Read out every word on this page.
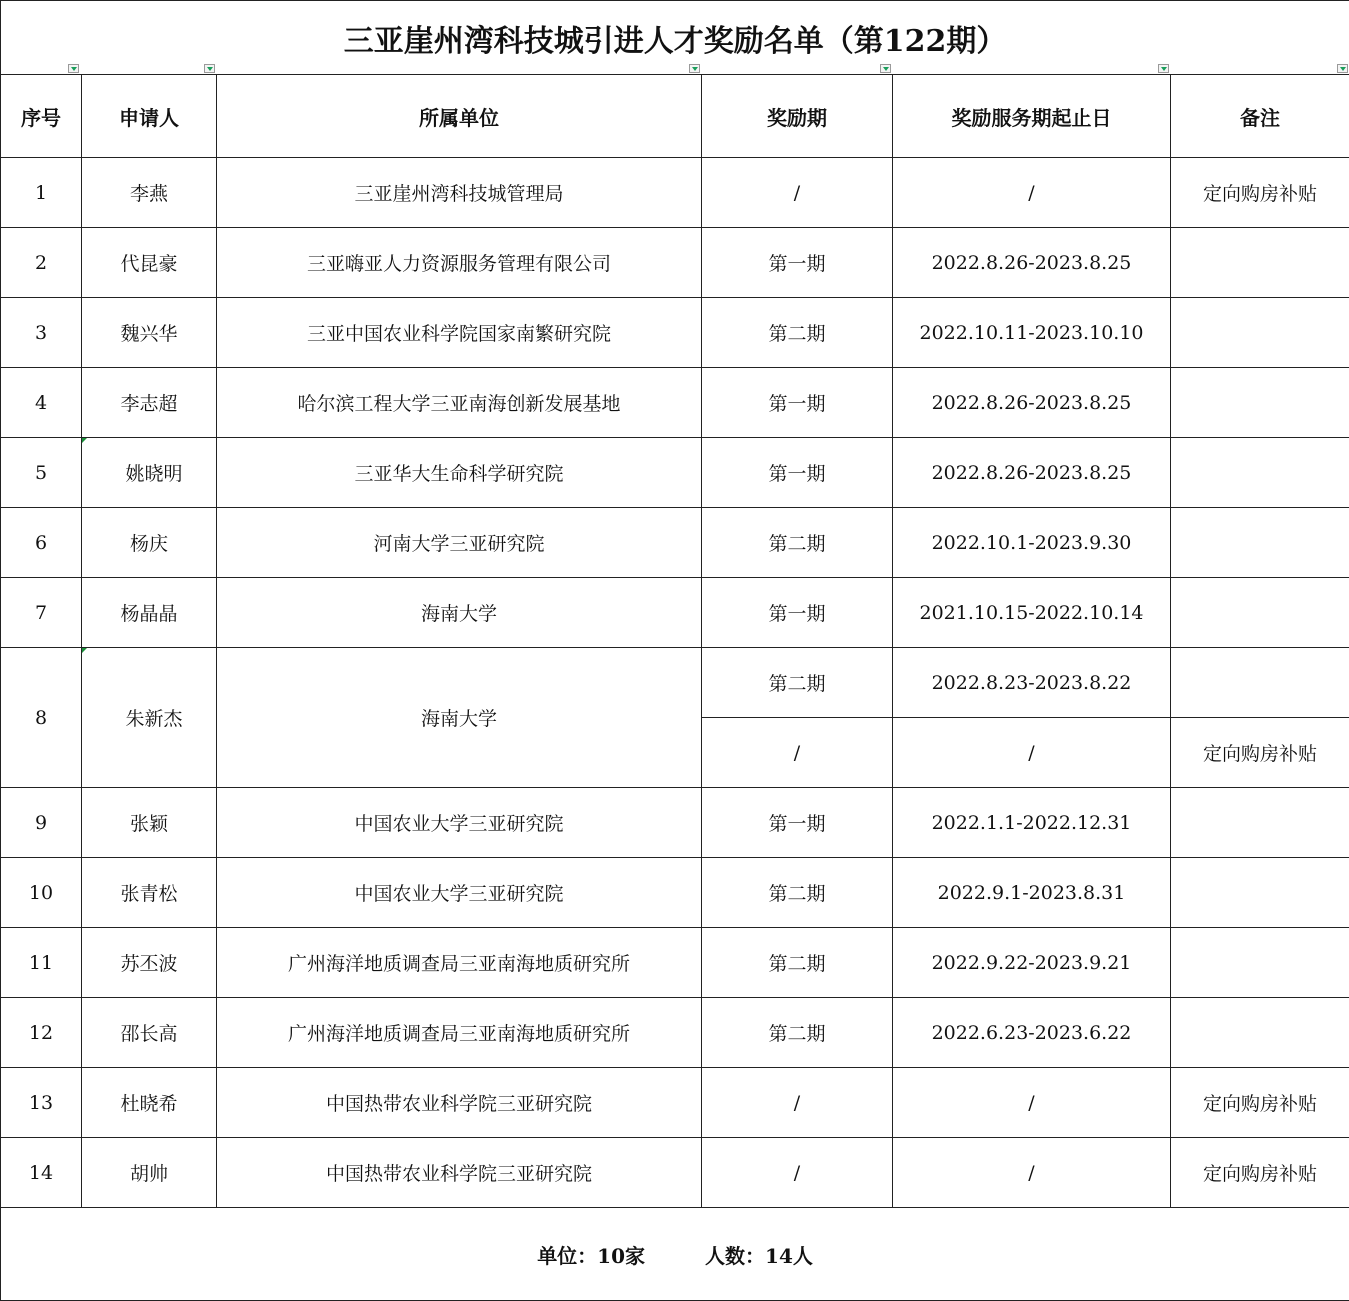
三亚崖州湾科技城引进人才奖励名单（第122期）					

序号	申请人	所属单位	奖励期	奖励服务期起止日	备注
1	李燕	三亚崖州湾科技城管理局	/	/	定向购房补贴
2	代昆豪	三亚嗨亚人力资源服务管理有限公司	第一期	2022.8.26-2023.8.25	
3	魏兴华	三亚中国农业科学院国家南繁研究院	第二期	2022.10.11-2023.10.10	
4	李志超	哈尔滨工程大学三亚南海创新发展基地	第一期	2022.8.26-2023.8.25	
5	姚晓明	三亚华大生命科学研究院	第一期	2022.8.26-2023.8.25	
6	杨庆	河南大学三亚研究院	第二期	2022.10.1-2023.9.30	
7	杨晶晶	海南大学	第一期	2021.10.15-2022.10.14	
8	朱新杰	海南大学	第二期	2022.8.23-2023.8.22	
			/	/	定向购房补贴
9	张颖	中国农业大学三亚研究院	第一期	2022.1.1-2022.12.31	
10	张青松	中国农业大学三亚研究院	第二期	2022.9.1-2023.8.31	
11	苏丕波	广州海洋地质调查局三亚南海地质研究所	第二期	2022.9.22-2023.9.21	
12	邵长高	广州海洋地质调查局三亚南海地质研究所	第二期	2022.6.23-2023.6.22	
13	杜晓希	中国热带农业科学院三亚研究院	/	/	定向购房补贴
14	胡帅	中国热带农业科学院三亚研究院	/	/	定向购房补贴
单位：10家 人数：14人					
